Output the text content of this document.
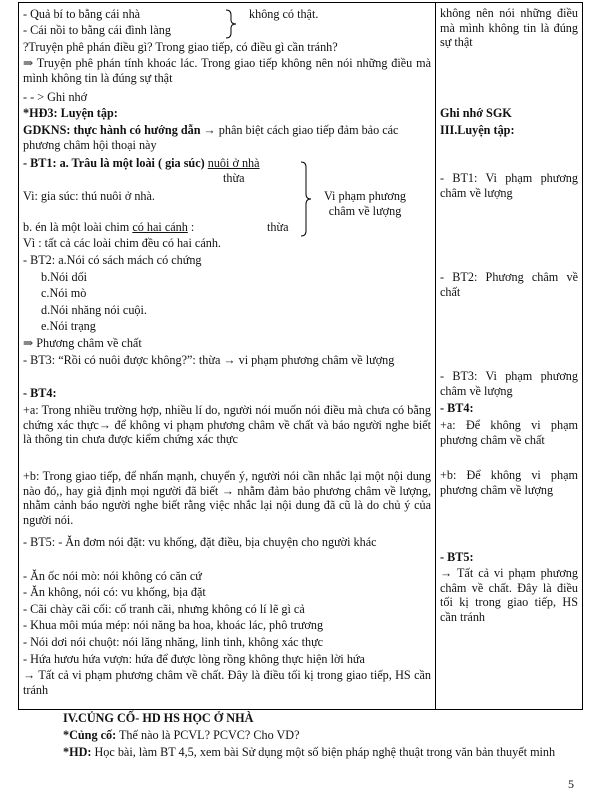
- Quả bí to bằng cái nhà	không có thật.
- Cái nồi to bằng cái đình làng
?Truyện phê phán điều gì? Trong giao tiếp, có điều gì cần tránh?
⇒ Truyện phê phán tính khoác lác. Trong giao tiếp không nên nói những điều mà mình không tin là đúng sự thật
- - > Ghi nhớ
*HĐ3: Luyện tập:
GDKNS: thực hành có hướng dẫn → phân biệt cách giao tiếp đảm bảo các phương châm hội thoại này
- BT1: a. Trâu là một loài ( gia súc) nuôi ở nhà
thừa
Vi: gia súc: thú nuôi ở nhà.	Vi phạm phương châm về lượng
b. én là một loài chim có hai cánh :	thừa
Vì : tất cả các loài chim đều có hai cánh.
- BT2: a.Nói có sách mách có chứng
b.Nói dối
c.Nói mò
d.Nói nhăng nói cuội.
e.Nói trạng
⇒ Phương châm về chất
- BT3: “Rồi có nuôi được không?”: thừa → vi phạm phương châm về lượng
- BT4:
+a: Trong nhiều trường hợp, nhiều lí do, người nói muốn nói điều mà chưa có bằng chứng xác thực→ để không vi phạm phương châm về chất và báo người nghe biết là thông tin chưa được kiểm chứng xác thực
+b: Trong giao tiếp, để nhấn mạnh, chuyển ý, người nói cần nhắc lại một nội dung nào đó,, hay giả định mọi người đã biết → nhằm đảm bảo phương châm về lượng, nhằm cảnh báo người nghe biết rằng việc nhắc lại nội dung đã cũ là do chủ ý của người nói.
- BT5: - Ăn đơm nói đặt: vu khống, đặt điều, bịa chuyện cho người khác
- Ăn ốc nói mò: nói không có căn cứ
- Ăn không, nói có: vu khống, bịa đặt
- Cãi chày cãi cối: cố tranh cãi, nhưng không có lí lẽ gì cả
- Khua môi múa mép: nói năng ba hoa, khoác lác, phô trương
- Nói dơi nói chuột: nói lăng nhăng, linh tinh, không xác thực
- Hứa hươu hứa vượn: hứa để được lòng rồng không thực hiện lời hứa
→ Tất cả vi phạm phương châm về chất. Đây là điều tối kị trong giao tiếp, HS cần tránh
không nên nói những điều mà mình không tin là đúng sự thật
Ghi nhớ SGK
III.Luyện tập:
- BT1: Vi phạm phương châm về lượng
- BT2: Phương châm về chất
- BT3: Vi phạm phương châm về lượng
- BT4:
+a: Để không vi phạm phương châm về chất
+b: Để không vi phạm phương châm về lượng
- BT5:
→ Tất cả vi phạm phương châm về chất. Đây là điều tối kị trong giao tiếp, HS cần tránh
IV.CỦNG CỐ- HD HS HỌC Ở NHÀ
*Củng cố: Thế nào là PCVL? PCVC? Cho VD?
*HD: Học bài, làm BT 4,5, xem bài Sử dụng một số biện pháp nghệ thuật trong văn bản thuyết minh
5
